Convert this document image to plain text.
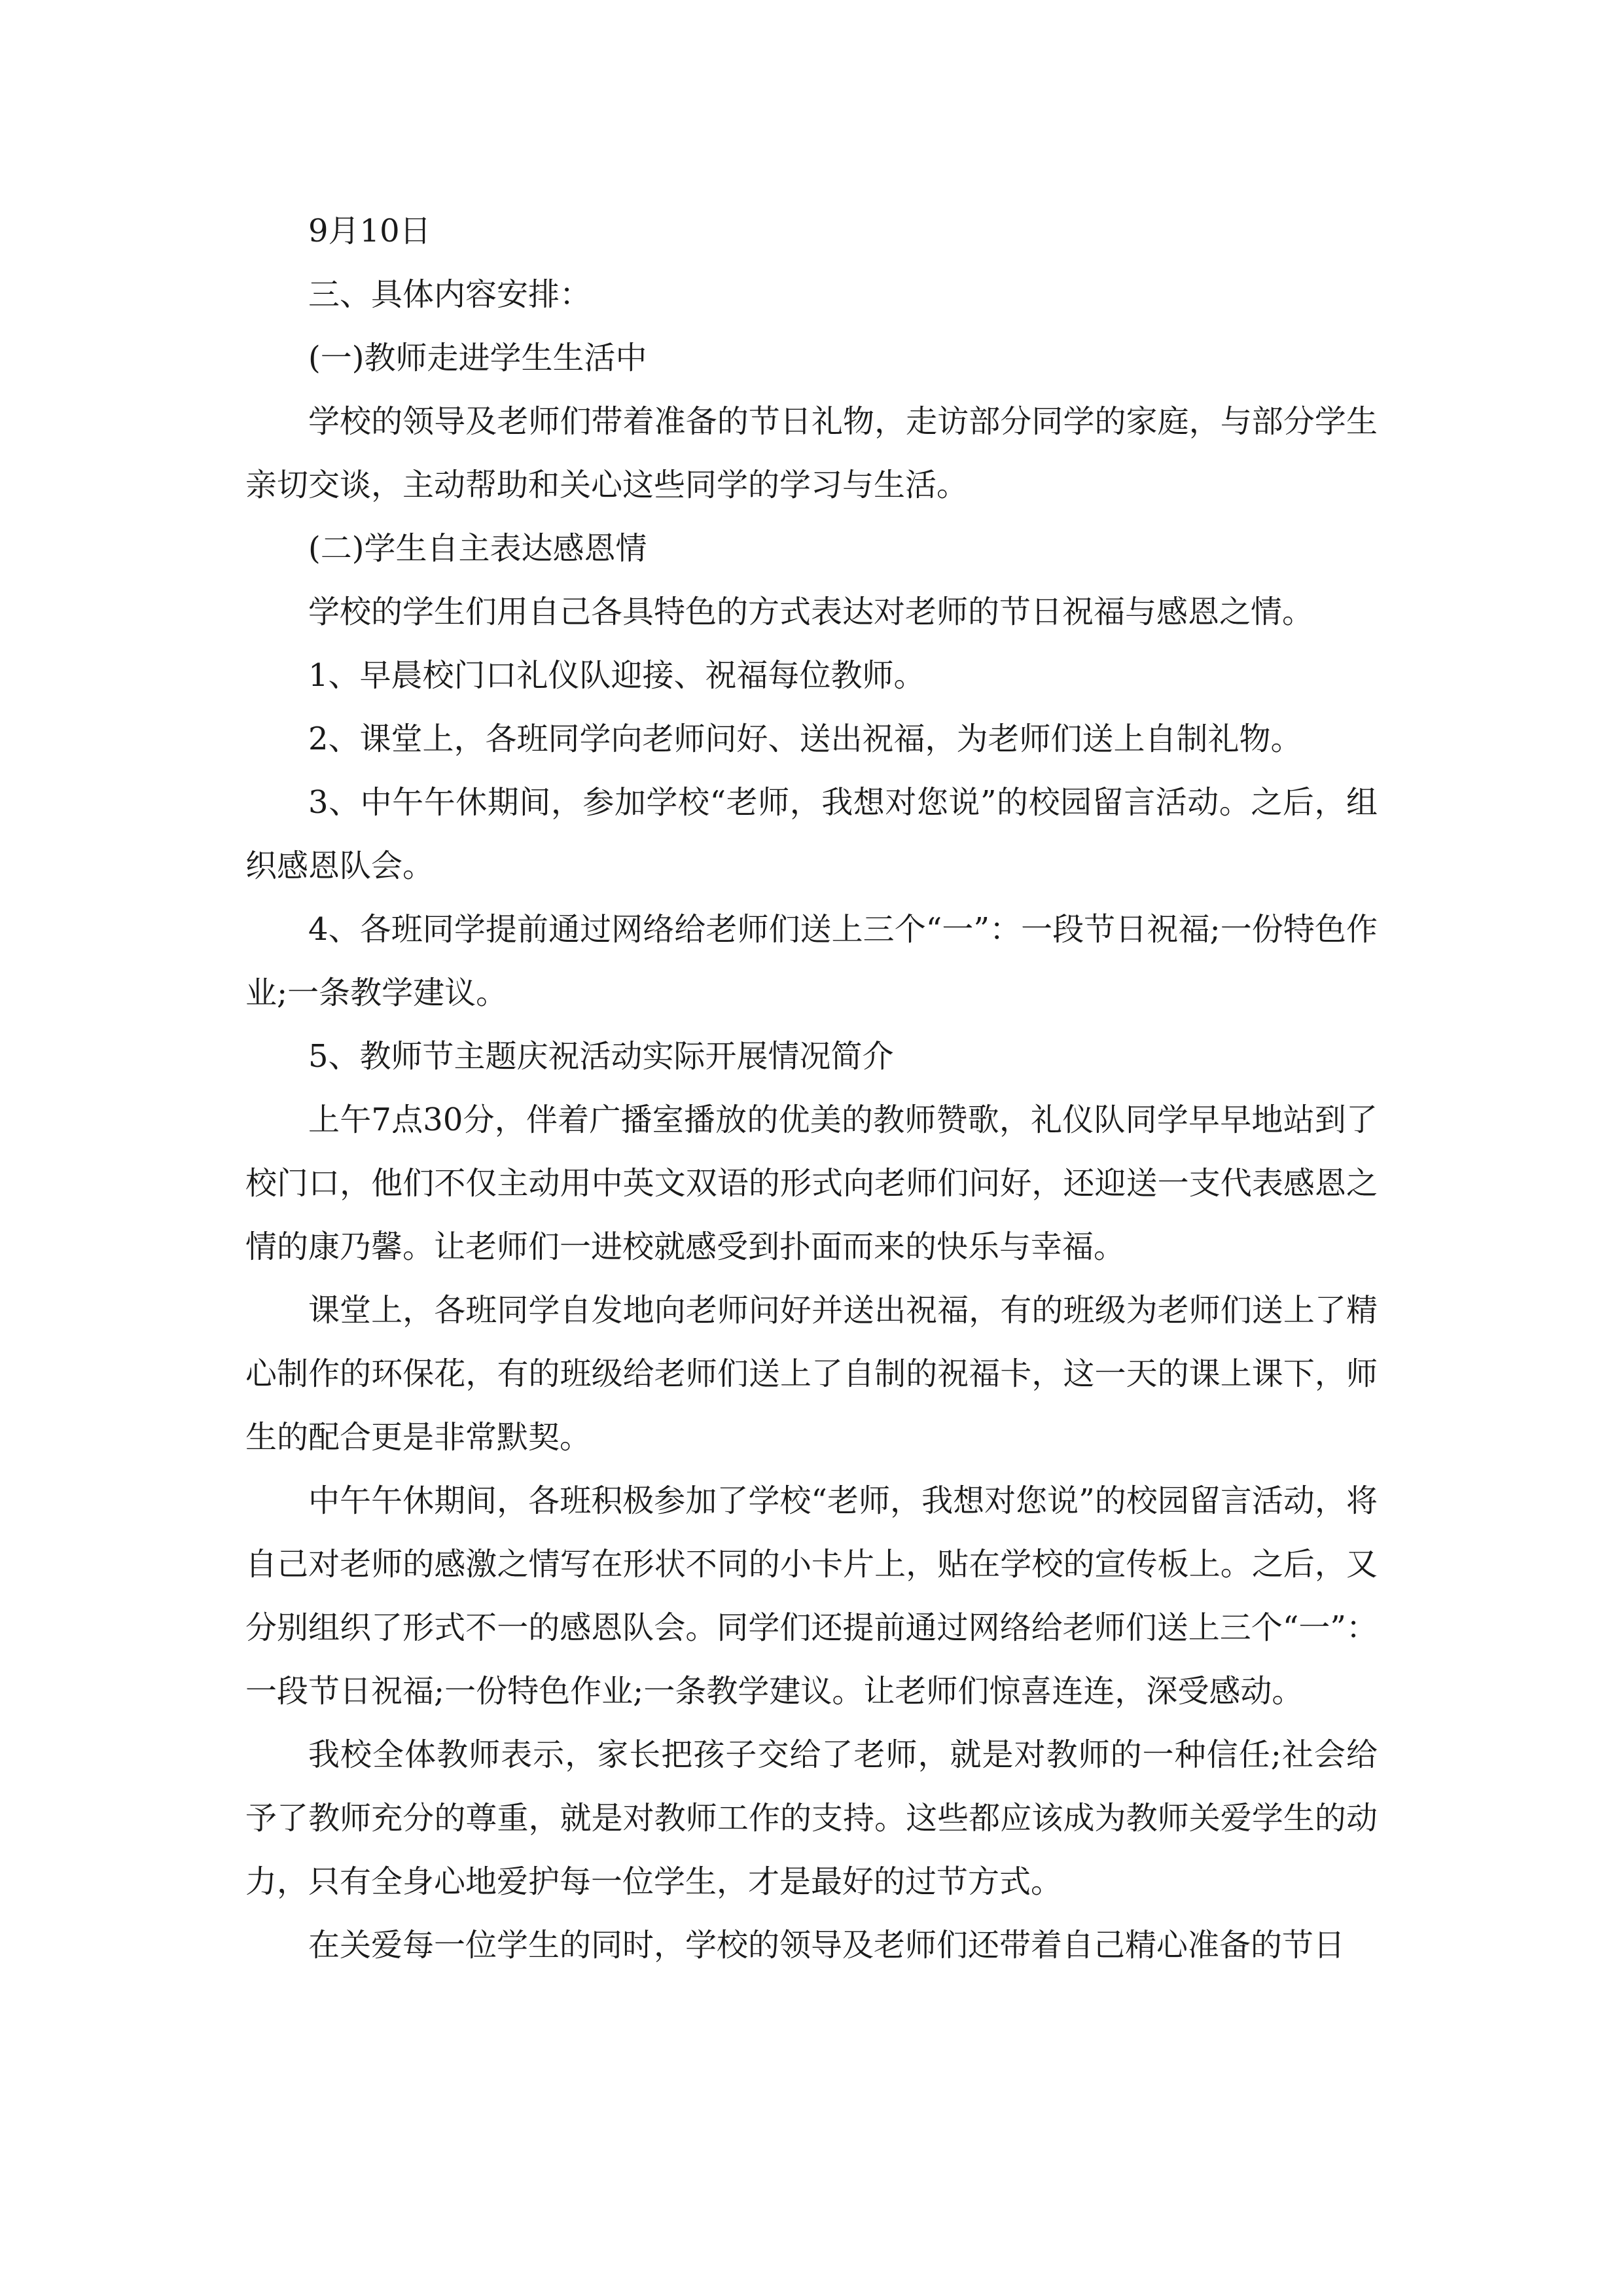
9月10日

三、具体内容安排：

(一)教师走进学生生活中

学校的领导及老师们带着准备的节日礼物，走访部分同学的家庭，与部分学生亲切交谈，主动帮助和关心这些同学的学习与生活。

(二)学生自主表达感恩情

学校的学生们用自己各具特色的方式表达对老师的节日祝福与感恩之情。

1、早晨校门口礼仪队迎接、祝福每位教师。

2、课堂上，各班同学向老师问好、送出祝福，为老师们送上自制礼物。

3、中午午休期间，参加学校“老师，我想对您说”的校园留言活动。之后，组织感恩队会。

4、各班同学提前通过网络给老师们送上三个“一”：一段节日祝福;一份特色作业;一条教学建议。

5、教师节主题庆祝活动实际开展情况简介

上午7点30分，伴着广播室播放的优美的教师赞歌，礼仪队同学早早地站到了校门口，他们不仅主动用中英文双语的形式向老师们问好，还迎送一支代表感恩之情的康乃馨。让老师们一进校就感受到扑面而来的快乐与幸福。

课堂上，各班同学自发地向老师问好并送出祝福，有的班级为老师们送上了精心制作的环保花，有的班级给老师们送上了自制的祝福卡，这一天的课上课下，师生的配合更是非常默契。

中午午休期间，各班积极参加了学校“老师，我想对您说”的校园留言活动，将自己对老师的感激之情写在形状不同的小卡片上，贴在学校的宣传板上。之后，又分别组织了形式不一的感恩队会。同学们还提前通过网络给老师们送上三个“一”：一段节日祝福;一份特色作业;一条教学建议。让老师们惊喜连连，深受感动。

我校全体教师表示，家长把孩子交给了老师，就是对教师的一种信任;社会给予了教师充分的尊重，就是对教师工作的支持。这些都应该成为教师关爱学生的动力，只有全身心地爱护每一位学生，才是最好的过节方式。

在关爱每一位学生的同时，学校的领导及老师们还带着自己精心准备的节日
